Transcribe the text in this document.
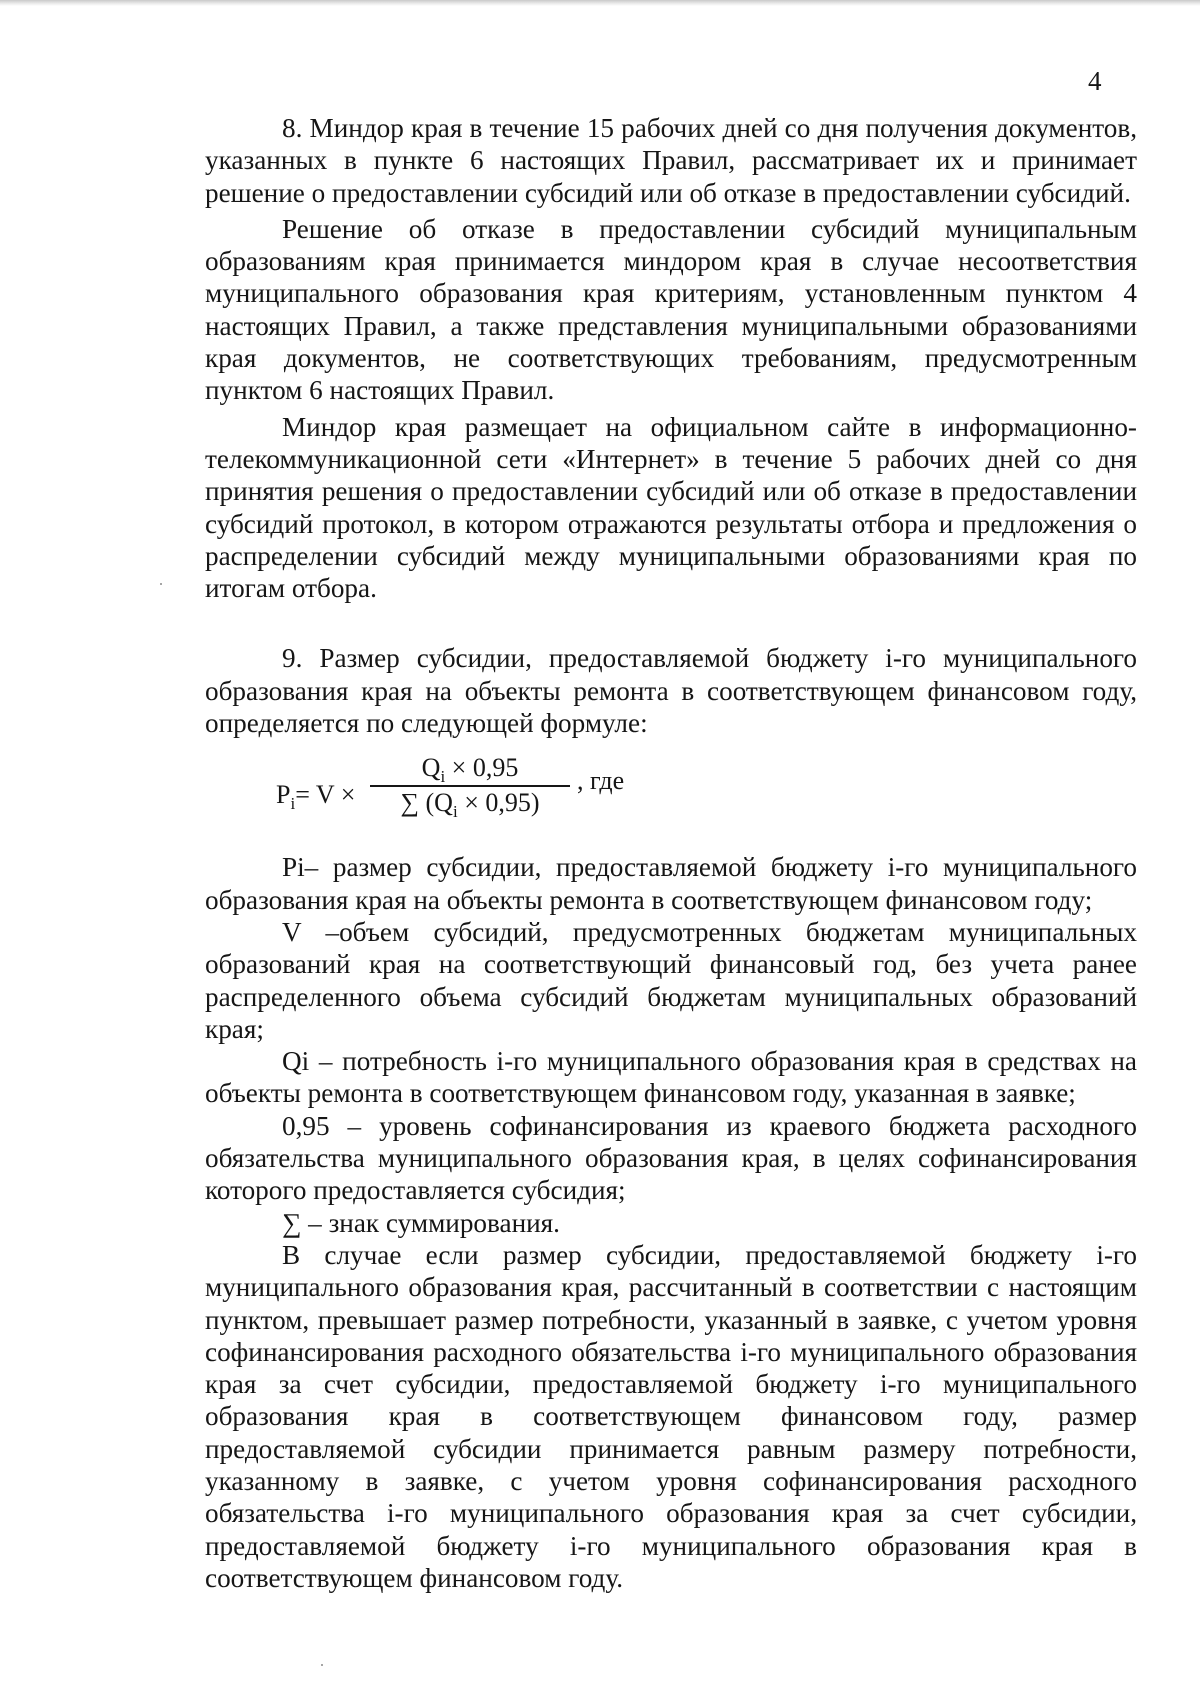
4

8. Миндор края в течение 15 рабочих дней со дня получения документов, указанных в пункте 6 настоящих Правил, рассматривает их и принимает решение о предоставлении субсидий или об отказе в предоставлении субсидий.

Решение об отказе в предоставлении субсидий муниципальным образованиям края принимается миндором края в случае несоответствия муниципального образования края критериям, установленным пунктом 4 настоящих Правил, а также представления муниципальными образованиями края документов, не соответствующих требованиям, предусмотренным пунктом 6 настоящих Правил.

Миндор края размещает на официальном сайте в информационно-телекоммуникационной сети «Интернет» в течение 5 рабочих дней со дня принятия решения о предоставлении субсидий или об отказе в предоставлении субсидий протокол, в котором отражаются результаты отбора и предложения о распределении субсидий между муниципальными образованиями края по итогам отбора.

9. Размер субсидии, предоставляемой бюджету i-го муниципального образования края на объекты ремонта в соответствующем финансовом году, определяется по следующей формуле:

$P_i= V$ ×
$Q_i \times 0,95$
∑ $(Q_i \times 0,95)$
, где

Pi– размер субсидии, предоставляемой бюджету i-го муниципального образования края на объекты ремонта в соответствующем финансовом году;

V –объем субсидий, предусмотренных бюджетам муниципальных образований края на соответствующий финансовый год, без учета ранее распределенного объема субсидий бюджетам муниципальных образований края;

Qi – потребность i-го муниципального образования края в средствах на объекты ремонта в соответствующем финансовом году, указанная в заявке;

0,95 – уровень софинансирования из краевого бюджета расходного обязательства муниципального образования края, в целях софинансирования которого предоставляется субсидия;

∑ – знак суммирования.

В случае если размер субсидии, предоставляемой бюджету i-го муниципального образования края, рассчитанный в соответствии с настоящим пунктом, превышает размер потребности, указанный в заявке, с учетом уровня софинансирования расходного обязательства i-го муниципального образования края за счет субсидии, предоставляемой бюджету i-го муниципального образования края в соответствующем финансовом году, размер предоставляемой субсидии принимается равным размеру потребности, указанному в заявке, с учетом уровня софинансирования расходного обязательства i-го муниципального образования края за счет субсидии, предоставляемой бюджету i-го муниципального образования края в соответствующем финансовом году.
